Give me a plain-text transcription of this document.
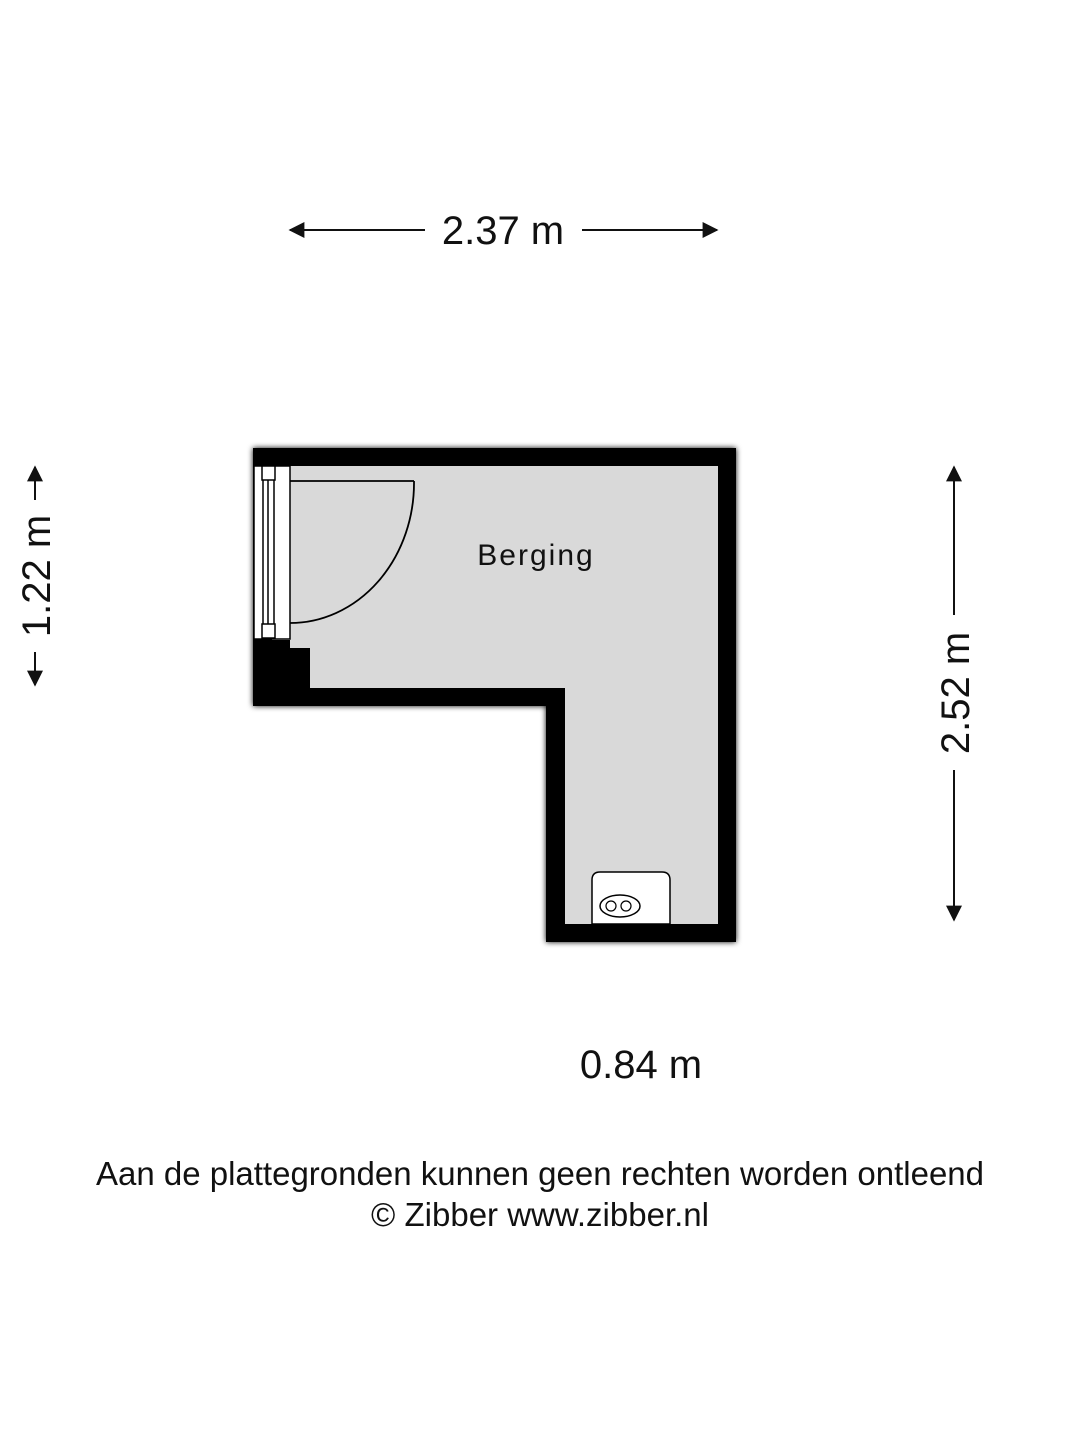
2.37 m
1.22 m
2.52 m
Berging
0.84 m
Aan de plattegronden kunnen geen rechten worden ontleend
© Zibber www.zibber.nl
